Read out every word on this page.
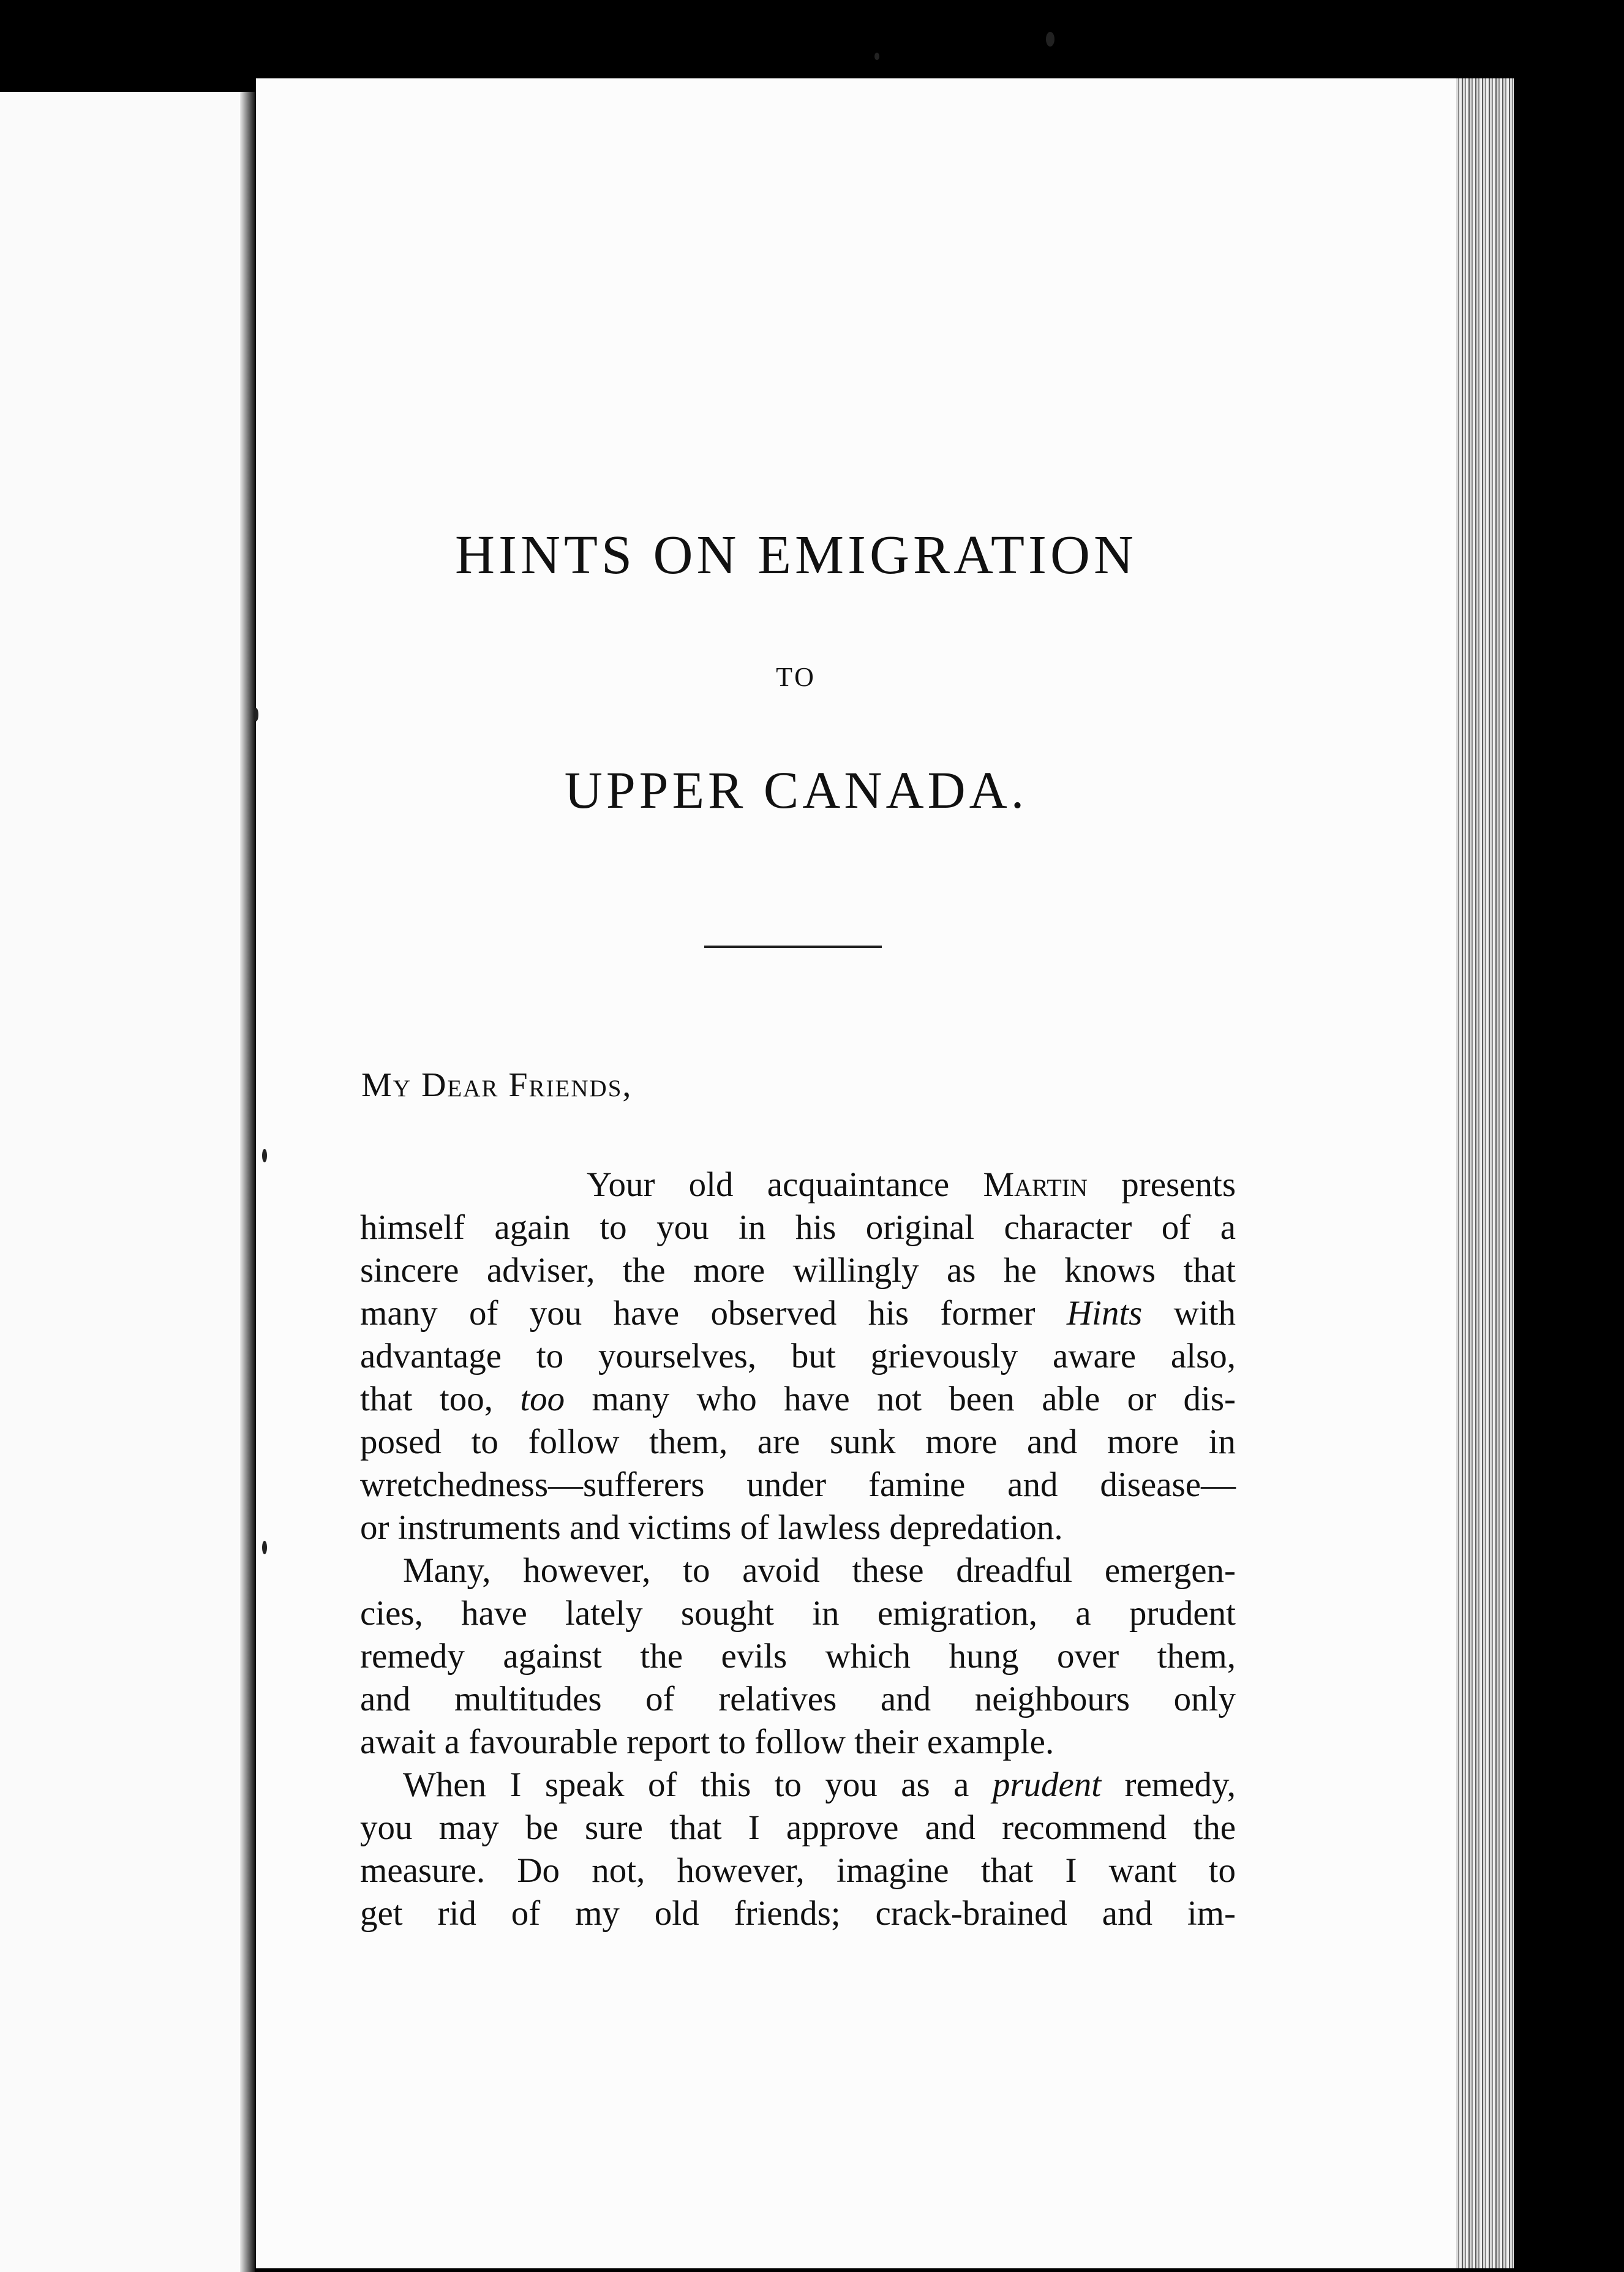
HINTS ON EMIGRATION
TO
UPPER CANADA.
My Dear Friends,
Your old acquaintance Martin presents
himself again to you in his original character of a
sincere adviser, the more willingly as he knows that
many of you have observed his former Hints with
advantage to yourselves, but grievously aware also,
that too, too many who have not been able or dis-
posed to follow them, are sunk more and more in
wretchedness—sufferers under famine and disease—
or instruments and victims of lawless depredation.
Many, however, to avoid these dreadful emergen-
cies, have lately sought in emigration, a prudent
remedy against the evils which hung over them,
and multitudes of relatives and neighbours only
await a favourable report to follow their example.
When I speak of this to you as a prudent remedy,
you may be sure that I approve and recommend the
measure. Do not, however, imagine that I want to
get rid of my old friends; crack-brained and im-
